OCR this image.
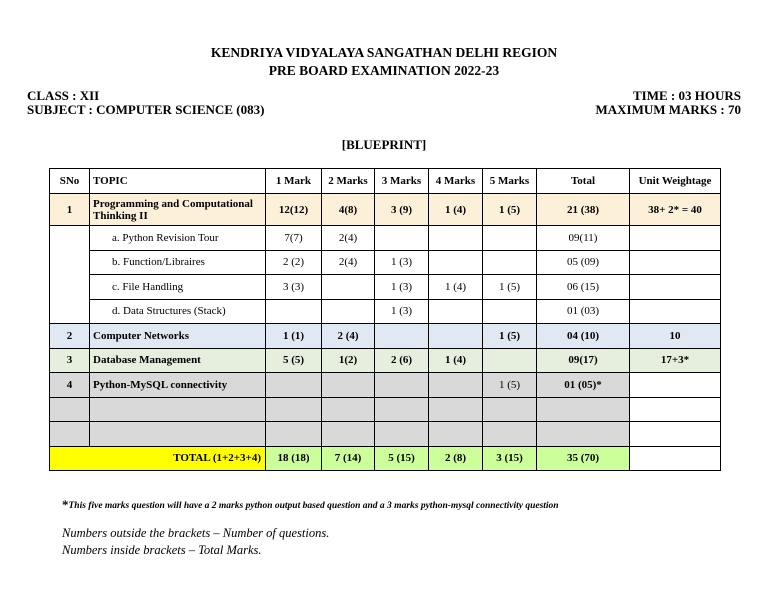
KENDRIYA VIDYALAYA SANGATHAN DELHI REGION
PRE BOARD EXAMINATION 2022-23
CLASS : XII
SUBJECT : COMPUTER SCIENCE (083)
TIME : 03 HOURS
MAXIMUM MARKS : 70
[BLUEPRINT]
SNo	TOPIC	1 Mark	2 Marks	3 Marks	4 Marks	5 Marks	Total	Unit Weightage
1	Programming and Computational Thinking II	12(12)	4(8)	3 (9)	1 (4)	1 (5)	21 (38)	38+ 2* = 40
	a. Python Revision Tour	7(7)	2(4)				09(11)	
	b. Function/Libraires	2 (2)	2(4)	1 (3)			05 (09)	
	c. File Handling	3 (3)		1 (3)	1 (4)	1 (5)	06 (15)	
	d. Data Structures (Stack)			1 (3)			01 (03)	
2	Computer Networks	1 (1)	2 (4)			1 (5)	04 (10)	10
3	Database Management	5 (5)	1(2)	2 (6)	1 (4)		09(17)	17+3*
4	Python-MySQL connectivity					1 (5)	01 (05)*	

TOTAL (1+2+3+4)		18 (18)	7 (14)	5 (15)	2 (8)	3 (15)	35 (70)	
*This five marks question will have a 2 marks python output based question and a 3 marks python-mysql connectivity question
Numbers outside the brackets – Number of questions.
Numbers inside brackets – Total Marks.
